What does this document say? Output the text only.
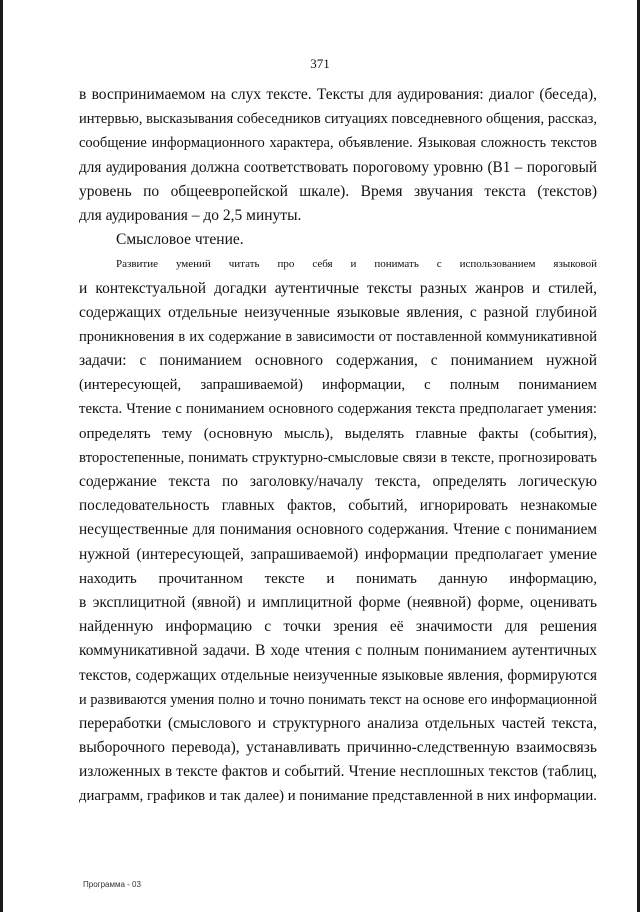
371
в воспринимаемом на слух тексте. Тексты для аудирования: диалог (беседа),
интервью, высказывания собеседников ситуациях повседневного общения, рассказ,
сообщение информационного характера, объявление. Языковая сложность текстов
для аудирования должна соответствовать пороговому уровню (В1 – пороговый
уровень по общеевропейской шкале). Время звучания текста (текстов)
для аудирования – до 2,5 минуты.
Смысловое чтение.
Развитие умений читать про себя и понимать с использованием языковой
и контекстуальной догадки аутентичные тексты разных жанров и стилей,
содержащих отдельные неизученные языковые явления, с разной глубиной
проникновения в их содержание в зависимости от поставленной коммуникативной
задачи: с пониманием основного содержания, с пониманием нужной
(интересующей, запрашиваемой) информации, с полным пониманием
текста. Чтение с пониманием основного содержания текста предполагает умения:
определять тему (основную мысль), выделять главные факты (события),
второстепенные, понимать структурно-смысловые связи в тексте, прогнозировать
содержание текста по заголовку/началу текста, определять логическую
последовательность главных фактов, событий, игнорировать незнакомые
несущественные для понимания основного содержания. Чтение с пониманием
нужной (интересующей, запрашиваемой) информации предполагает умение
находить прочитанном тексте и понимать данную информацию,
в эксплицитной (явной) и имплицитной форме (неявной) форме, оценивать
найденную информацию с точки зрения её значимости для решения
коммуникативной задачи. В ходе чтения с полным пониманием аутентичных
текстов, содержащих отдельные неизученные языковые явления, формируются
и развиваются умения полно и точно понимать текст на основе его информационной
переработки (смыслового и структурного анализа отдельных частей текста,
выборочного перевода), устанавливать причинно-следственную взаимосвязь
изложенных в тексте фактов и событий. Чтение несплошных текстов (таблиц,
диаграмм, графиков и так далее) и понимание представленной в них информации.
Программа - 03
